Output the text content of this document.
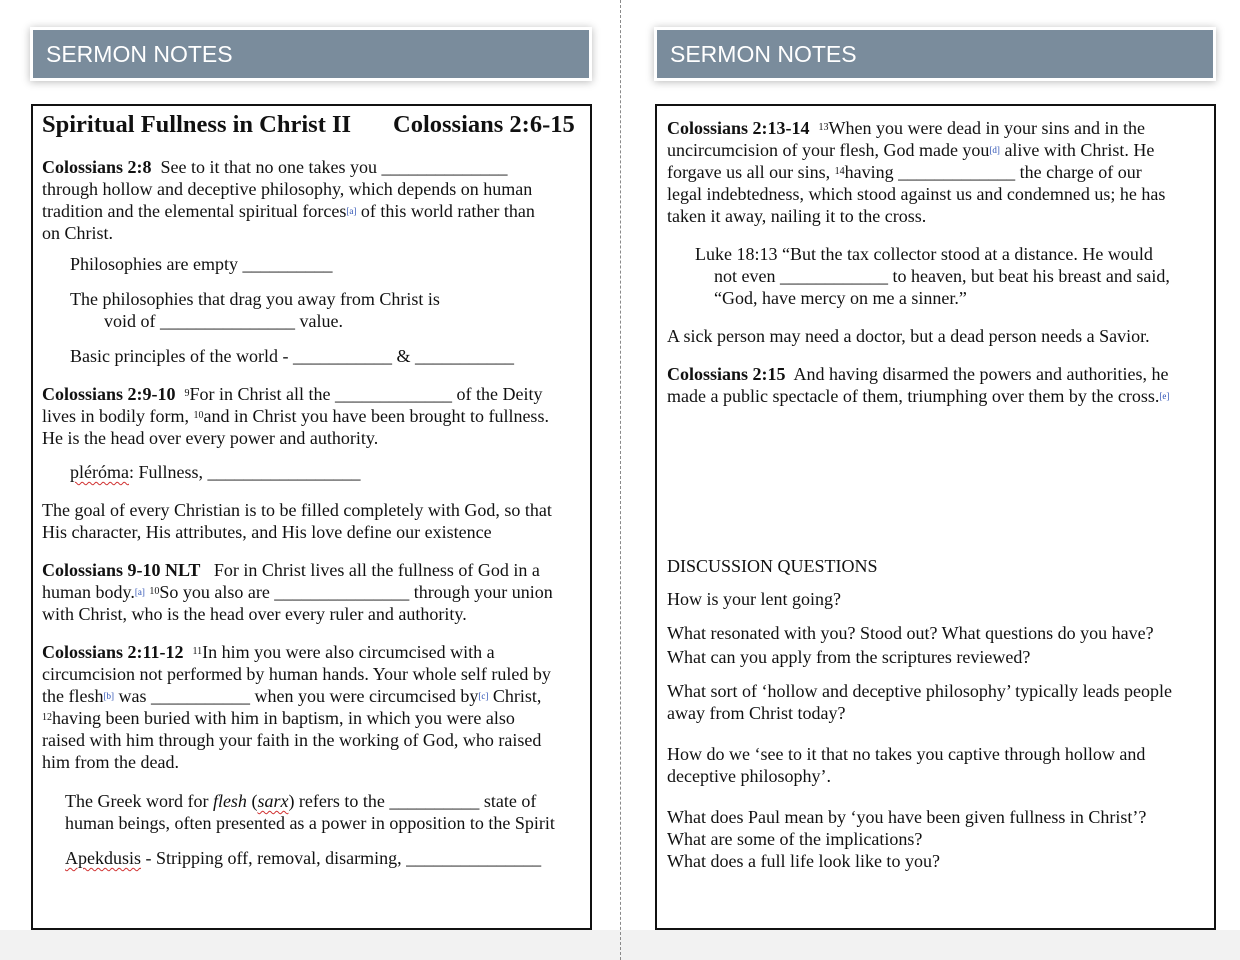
SERMON NOTES
Spiritual Fullness in Christ II Colossians 2:6-15
Colossians 2:8 See to it that no one takes you ______________
through hollow and deceptive philosophy, which depends on human
tradition and the elemental spiritual forces[a] of this world rather than
on Christ.
Philosophies are empty __________
The philosophies that drag you away from Christ is
void of _______________ value.
Basic principles of the world - ___________ & ___________
Colossians 2:9-10 $^9$For in Christ all the _____________ of the Deity
lives in bodily form, $^{10}$and in Christ you have been brought to fullness.
He is the head over every power and authority.
pléróma: Fullness, _________________
The goal of every Christian is to be filled completely with God, so that
His character, His attributes, and His love define our existence
Colossians 9-10 NLT For in Christ lives all the fullness of God in a
human body.[a] $^{10}$So you also are _______________ through your union
with Christ, who is the head over every ruler and authority.
Colossians 2:11-12 $^{11}$In him you were also circumcised with a
circumcision not performed by human hands. Your whole self ruled by
the flesh[b] was ___________ when you were circumcised by[c] Christ,
$^{12}$having been buried with him in baptism, in which you were also
raised with him through your faith in the working of God, who raised
him from the dead.
The Greek word for flesh (sarx) refers to the __________ state of
human beings, often presented as a power in opposition to the Spirit
Apekdusis - Stripping off, removal, disarming, _______________
SERMON NOTES
Colossians 2:13-14 $^{13}$When you were dead in your sins and in the
uncircumcision of your flesh, God made you[d] alive with Christ. He
forgave us all our sins, $^{14}$having _____________ the charge of our
legal indebtedness, which stood against us and condemned us; he has
taken it away, nailing it to the cross.
Luke 18:13 “But the tax collector stood at a distance. He would
not even ____________ to heaven, but beat his breast and said,
“God, have mercy on me a sinner.”
A sick person may need a doctor, but a dead person needs a Savior.
Colossians 2:15 And having disarmed the powers and authorities, he
made a public spectacle of them, triumphing over them by the cross.[e]
DISCUSSION QUESTIONS
How is your lent going?
What resonated with you? Stood out? What questions do you have?
What can you apply from the scriptures reviewed?
What sort of ‘hollow and deceptive philosophy’ typically leads people
away from Christ today?
How do we ‘see to it that no takes you captive through hollow and
deceptive philosophy’.
What does Paul mean by ‘you have been given fullness in Christ’?
What are some of the implications?
What does a full life look like to you?
